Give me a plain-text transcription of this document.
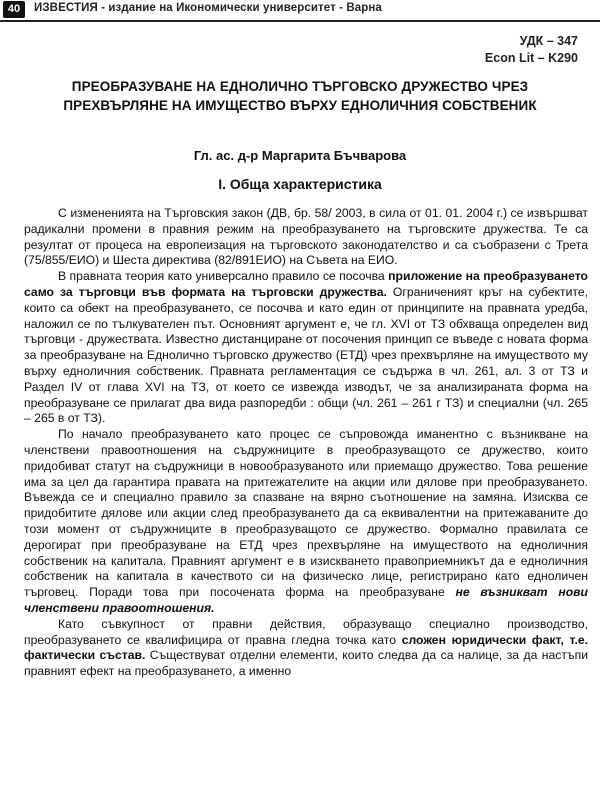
40	ИЗВЕСТИЯ - издание на Икономически университет - Варна
УДК – 347
Econ Lit – K290
ПРЕОБРАЗУВАНЕ НА ЕДНОЛИЧНО ТЪРГОВСКО ДРУЖЕСТВО ЧРЕЗ ПРЕХВЪРЛЯНЕ НА ИМУЩЕСТВО ВЪРХУ ЕДНОЛИЧНИЯ СОБСТВЕНИК
Гл. ас. д-р Маргарита Бъчварова
I. Обща характеристика

С измененията на Търговския закон (ДВ, бр. 58/ 2003, в сила от 01. 01. 2004 г.) се извършват радикални промени в правния режим на преобразуването на търговските дружества. Те са резултат от процеса на европеизация на търговското законодателство и са съобразени с Трета (75/855/ЕИО) и Шеста директива (82/891ЕИО) на Съвета на ЕИО.

В правната теория като универсално правило се посочва приложение на преобразуването само за търговци във формата на търговски дружества. Ограниченият кръг на субектите, които са обект на преобразуването, се посочва и като един от принципите на правната уредба, наложил се по тълкувателен път. Основният аргумент е, че гл. XVI от ТЗ обхваща определен вид търговци - дружествата. Известно дистанциране от посочения принцип се въведе с новата форма за преобразуване на Еднолично търговско дружество (ЕТД) чрез прехвърляне на имуществото му върху едноличния собственик. Правната регламентация се съдържа в чл. 261, ал. 3 от ТЗ и Раздел IV от глава XVI на ТЗ, от което се извежда изводът, че за анализираната форма на преобразуване се прилагат два вида разпоредби : общи (чл. 261 – 261 г ТЗ) и специални (чл. 265 – 265 в от ТЗ).

По начало преобразуването като процес се съпровожда иманентно с възникване на членствени правоотношения на съдружниците в преобразуващото се дружество, които придобиват статут на съдружници в новообразуваното или приемащо дружество. Това решение има за цел да гарантира правата на притежателите на акции или дялове при преобразуването. Въвежда се и специално правило за спазване на вярно съотношение на замяна. Изисква се придобитите дялове или акции след преобразуването да са еквивалентни на притежаваните до този момент от съдружниците в преобразуващото се дружество. Формално правилата се дерогират при преобразуване на ЕТД чрез прехвърляне на имуществото на едноличния собственик на капитала. Правният аргумент е в изискването правоприемникът да е едноличния собственик на капитала в качеството си на физическо лице, регистрирано като едноличен търговец. Поради това при посочената форма на преобразуване не възникват нови членствени правоотношения.

Като съвкупност от правни действия, образуващо специално производство, преобразуването се квалифицира от правна гледна точка като сложен юридически факт, т.е. фактически състав. Съществуват отделни елементи, които следва да са налице, за да настъпи правният ефект на преобразуването, а именно
